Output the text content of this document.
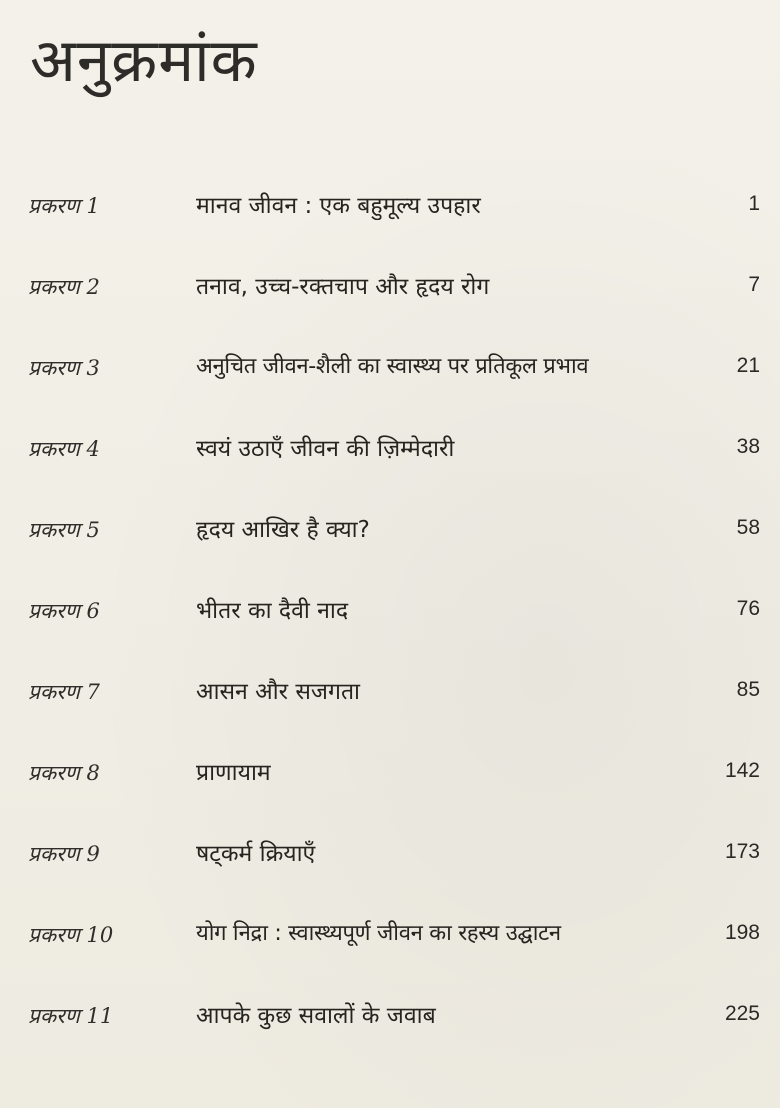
अनुक्रमांक
प्रकरण 1	मानव जीवन : एक बहुमूल्य उपहार	1
प्रकरण 2	तनाव, उच्च-रक्तचाप और हृदय रोग	7
प्रकरण 3	अनुचित जीवन-शैली का स्वास्थ्य पर प्रतिकूल प्रभाव	21
प्रकरण 4	स्वयं उठाएँ जीवन की ज़िम्मेदारी	38
प्रकरण 5	हृदय आखिर है क्या?	58
प्रकरण 6	भीतर का दैवी नाद	76
प्रकरण 7	आसन और सजगता	85
प्रकरण 8	प्राणायाम	142
प्रकरण 9	षट्कर्म क्रियाएँ	173
प्रकरण 10	योग निद्रा : स्वास्थ्यपूर्ण जीवन का रहस्य उद्घाटन	198
प्रकरण 11	आपके कुछ सवालों के जवाब	225
